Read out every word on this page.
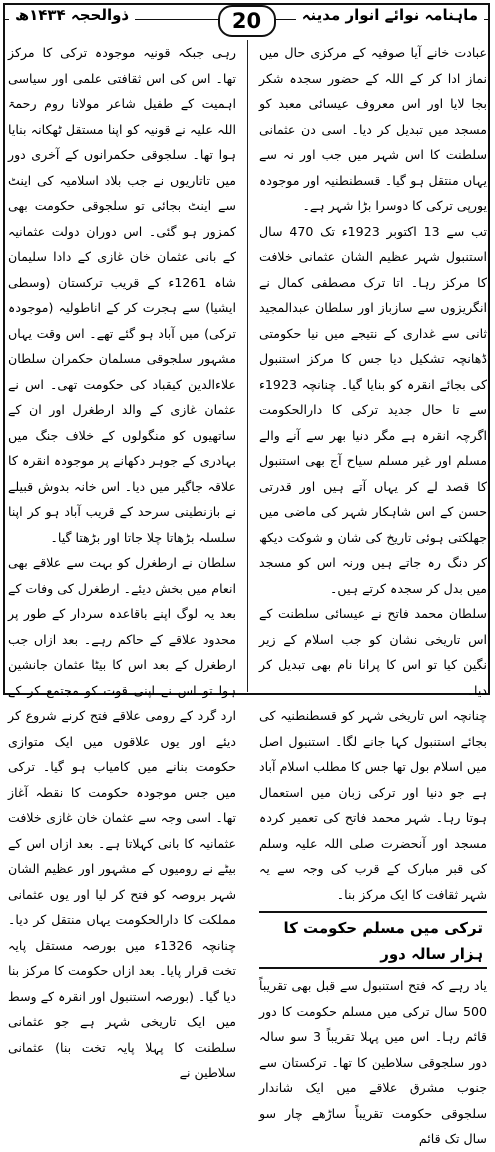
ماہنامہ نوائے انوار مدینہ
ذوالحجہ ۱۴۳۴ھ	20

عبادت خانے آیا صوفیہ کے مرکزی حال میں نماز ادا کر کے اللہ کے حضور سجدہ شکر بجا لایا اور اس معروف عیسائی معبد کو مسجد میں تبدیل کر دیا۔ اسی دن عثمانی سلطنت کا اس شہر میں جب اور نہ سے یہاں منتقل ہو گیا۔ قسطنطنیہ اور موجودہ یورپی ترکی کا دوسرا بڑا شہر ہے۔

تب سے 13 اکتوبر 1923ء تک 470 سال استنبول شہر عظیم الشان عثمانی خلافت کا مرکز رہا۔ اتا ترک مصطفی کمال نے انگریزوں سے سازباز اور سلطان عبدالمجید ثانی سے غداری کے نتیجے میں نیا حکومتی ڈھانچہ تشکیل دیا جس کا مرکز استنبول کی بجائے انقرہ کو بنایا گیا۔ چنانچہ 1923ء سے تا حال جدید ترکی کا دارالحکومت اگرچہ انقرہ ہے مگر دنیا بھر سے آنے والے مسلم اور غیر مسلم سیاح آج بھی استنبول کا قصد لے کر یہاں آتے ہیں اور قدرتی حسن کے اس شاہکار شہر کی ماضی میں جھلکتی ہوئی تاریخ کی شان و شوکت دیکھ کر دنگ رہ جاتے ہیں ورنہ اس کو مسجد میں بدل کر سجدہ کرتے ہیں۔

سلطان محمد فاتح نے عیسائی سلطنت کے اس تاریخی نشان کو جب اسلام کے زیر نگین کیا تو اس کا پرانا نام بھی تبدیل کر دیا۔

چنانچہ اس تاریخی شہر کو قسطنطنیہ کی بجائے استنبول کہا جانے لگا۔ استنبول اصل میں اسلام بول تھا جس کا مطلب اسلام آباد ہے جو دنیا اور ترکی زبان میں استعمال ہوتا رہا۔ شہر محمد فاتح کی تعمیر کردہ مسجد اور آنحضرت صلی اللہ علیہ وسلم کی قبر مبارک کے قرب کی وجہ سے یہ شہر ثقافت کا ایک مرکز بنا۔

ترکی میں مسلم حکومت کا ہزار سالہ دور

یاد رہے کہ فتح استنبول سے قبل بھی تقریباً 500 سال ترکی میں مسلم حکومت کا دور قائم رہا۔ اس میں پہلا تقریباً 3 سو سالہ دور سلجوقی سلاطین کا تھا۔ ترکستان سے جنوب مشرق علاقے میں ایک شاندار سلجوقی حکومت تقریباً ساڑھے چار سو سال تک قائم

رہی جبکہ قونیہ موجودہ ترکی کا مرکز تھا۔ اس کی اس ثقافتی علمی اور سیاسی اہمیت کے طفیل شاعر مولانا روم رحمۃ اللہ علیہ نے قونیہ کو اپنا مستقل ٹھکانہ بنایا ہوا تھا۔ سلجوقی حکمرانوں کے آخری دور میں تاتاریوں نے جب بلاد اسلامیہ کی اینٹ سے اینٹ بجائی تو سلجوقی حکومت بھی کمزور ہو گئی۔ اس دوران دولت عثمانیہ کے بانی عثمان خان غازی کے دادا سلیمان شاہ 1261ء کے قریب ترکستان (وسطی ایشیا) سے ہجرت کر کے اناطولیہ (موجودہ ترکی) میں آباد ہو گئے تھے۔ اس وقت یہاں مشہور سلجوقی مسلمان حکمران سلطان علاءالدین کیقباد کی حکومت تھی۔ اس نے عثمان غازی کے والد ارطغرل اور ان کے ساتھیوں کو منگولوں کے خلاف جنگ میں بہادری کے جوہر دکھانے پر موجودہ انقرہ کا علاقہ جاگیر میں دیا۔ اس خانہ بدوش قبیلے نے بازنطینی سرحد کے قریب آباد ہو کر اپنا سلسلہ بڑھاتا چلا جاتا اور بڑھتا گیا۔

سلطان نے ارطغرل کو بہت سے علاقے بھی انعام میں بخش دیئے۔ ارطغرل کی وفات کے بعد یہ لوگ اپنے باقاعدہ سردار کے طور پر محدود علاقے کے حاکم رہے۔ بعد ازاں جب ارطغرل کے بعد اس کا بیٹا عثمان جانشین ہوا تو اس نے اپنی قوت کو مجتمع کر کے ارد گرد کے رومی علاقے فتح کرنے شروع کر دیئے اور یوں علاقوں میں ایک متوازی حکومت بنانے میں کامیاب ہو گیا۔ ترکی میں جس موجودہ حکومت کا نقطہ آغاز تھا۔ اسی وجہ سے عثمان خان غازی خلافت عثمانیہ کا بانی کہلاتا ہے۔ بعد ازاں اس کے بیٹے نے رومیوں کے مشہور اور عظیم الشان شہر بروصہ کو فتح کر لیا اور یوں عثمانی مملکت کا دارالحکومت یہاں منتقل کر دیا۔ چنانچہ 1326ء میں بورصہ مستقل پایہ تخت قرار پایا۔ بعد ازاں حکومت کا مرکز بنا دیا گیا۔ (بورصہ استنبول اور انقرہ کے وسط میں ایک تاریخی شہر ہے جو عثمانی سلطنت کا پہلا پایہ تخت بنا) عثمانی سلاطین نے
